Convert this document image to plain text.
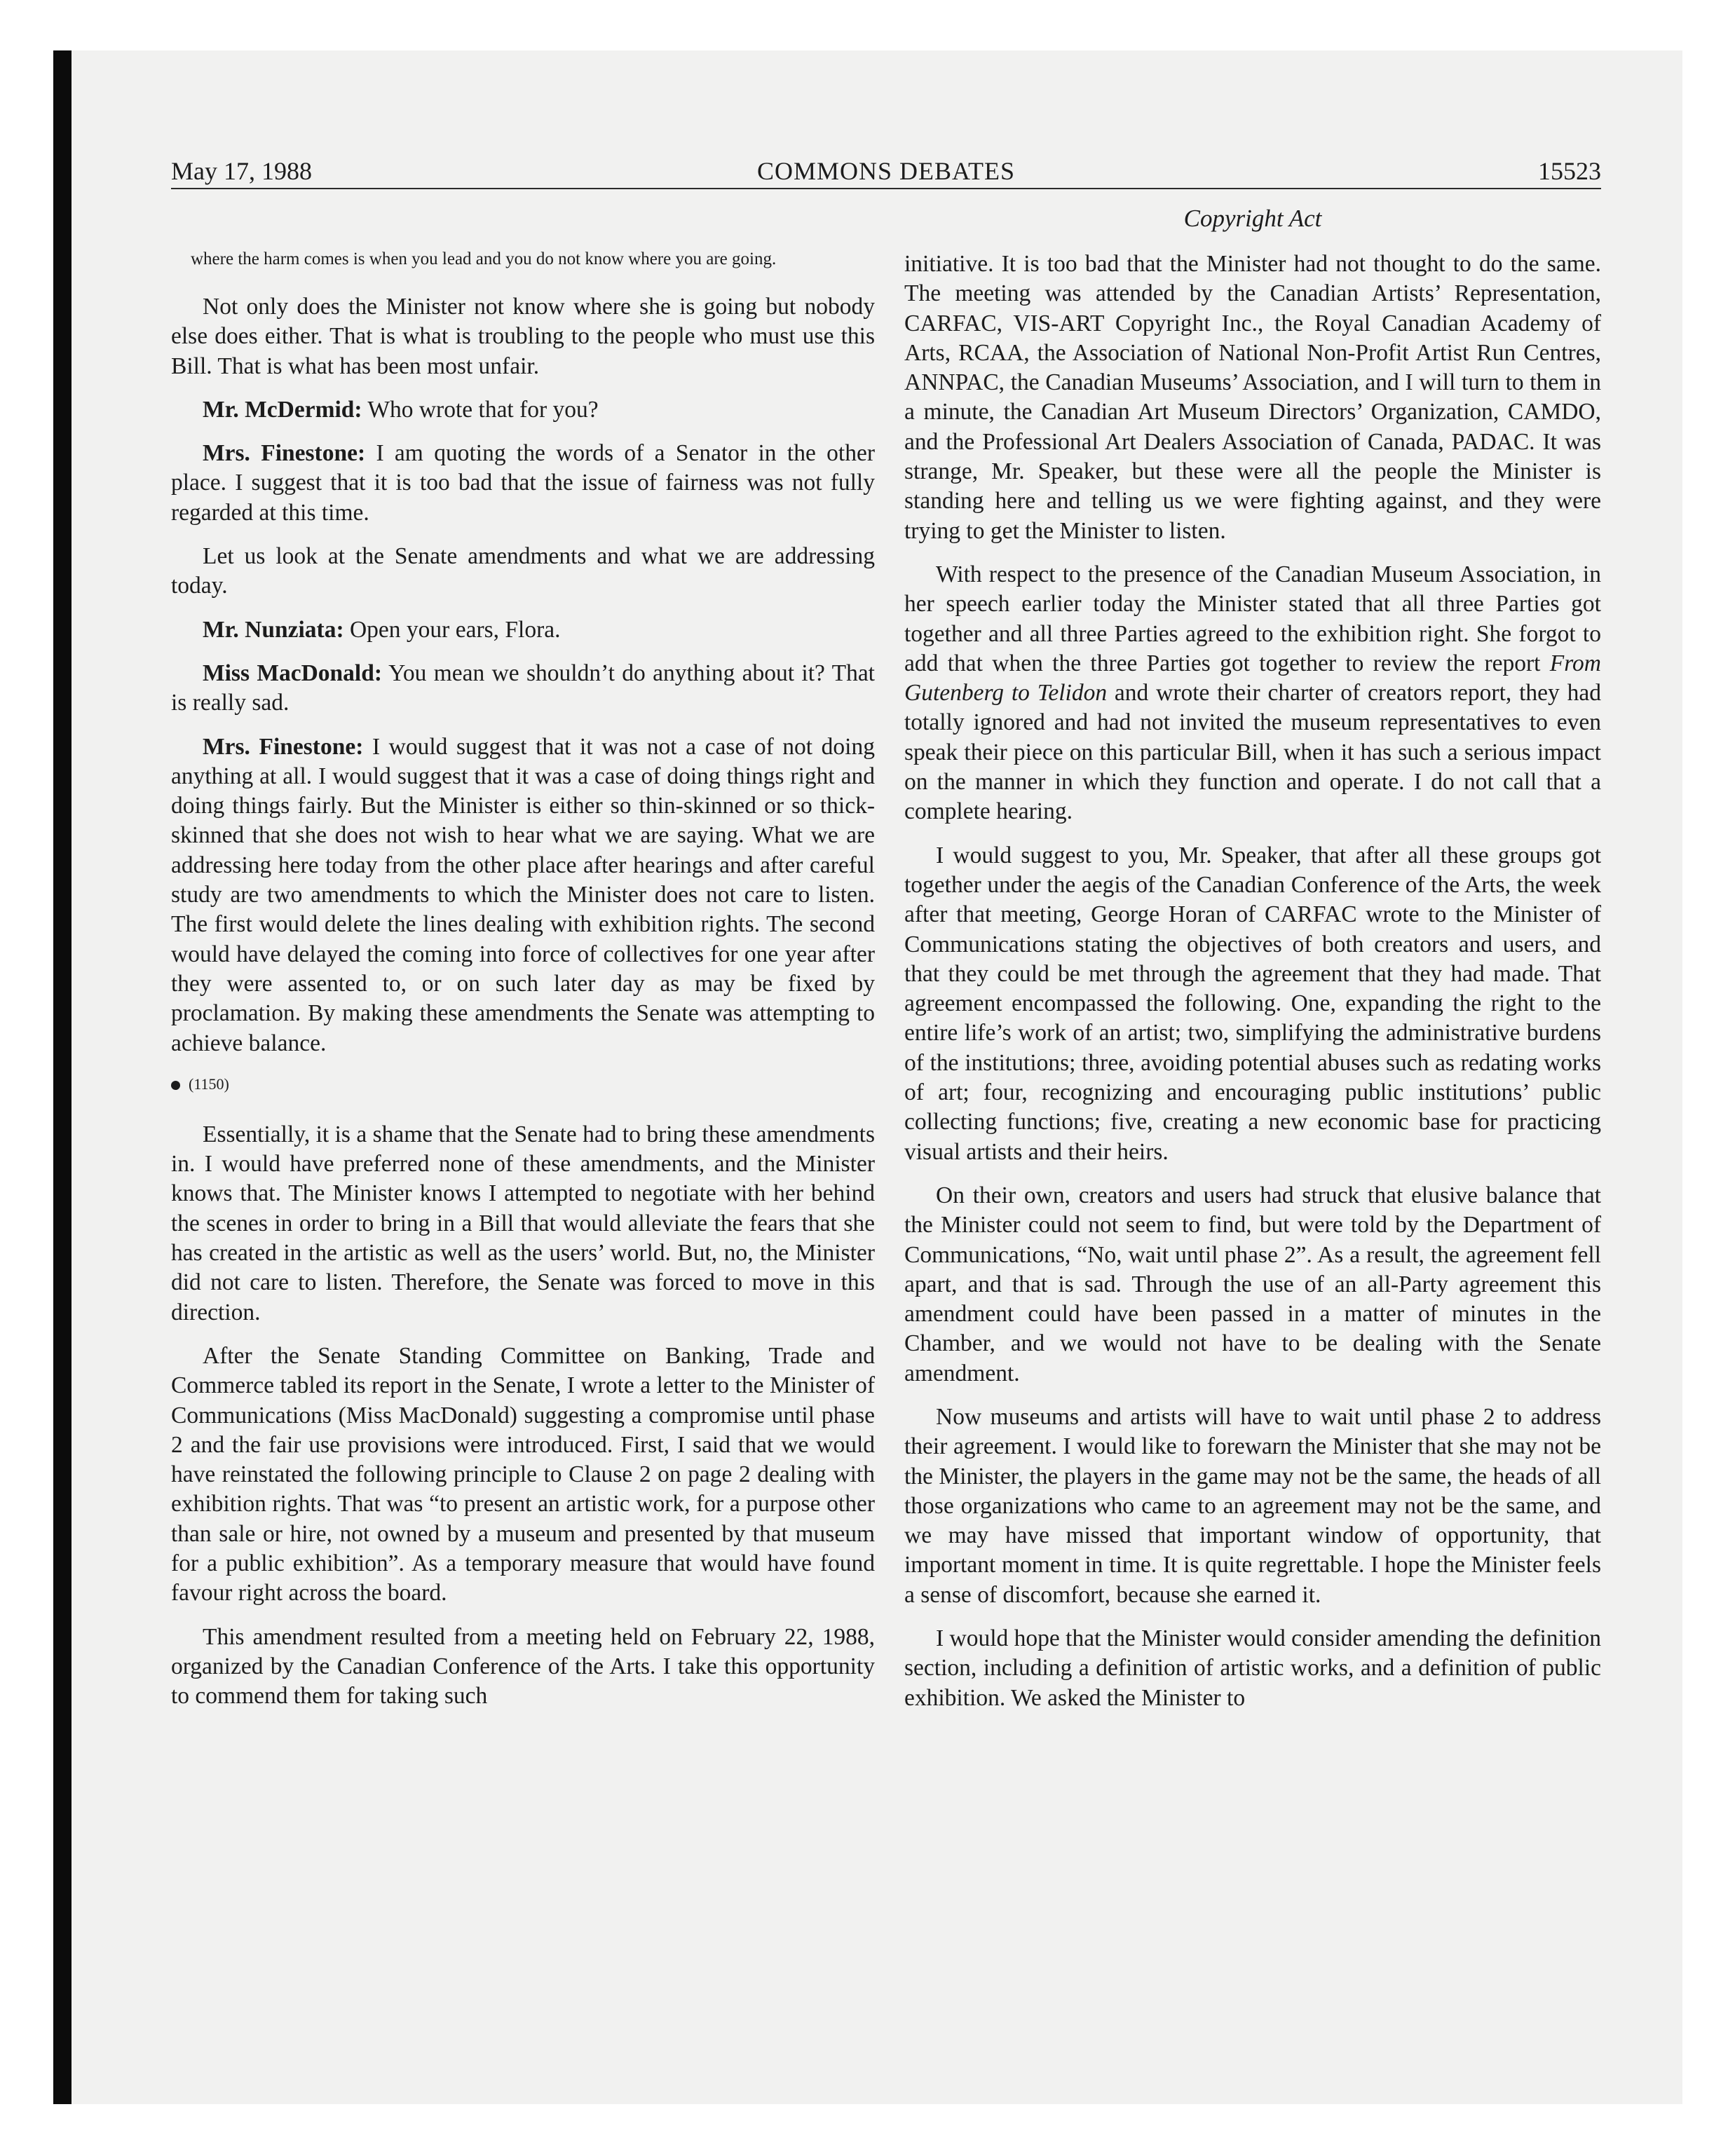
May 17, 1988	COMMONS DEBATES	15523
Copyright Act

where the harm comes is when you lead and you do not know where you are going.

Not only does the Minister not know where she is going but nobody else does either. That is what is troubling to the people who must use this Bill. That is what has been most unfair.

Mr. McDermid: Who wrote that for you?

Mrs. Finestone: I am quoting the words of a Senator in the other place. I suggest that it is too bad that the issue of fairness was not fully regarded at this time.

Let us look at the Senate amendments and what we are addressing today.

Mr. Nunziata: Open your ears, Flora.

Miss MacDonald: You mean we shouldn’t do anything about it? That is really sad.

Mrs. Finestone: I would suggest that it was not a case of not doing anything at all. I would suggest that it was a case of doing things right and doing things fairly. But the Minister is either so thin-skinned or so thick-skinned that she does not wish to hear what we are saying. What we are addressing here today from the other place after hearings and after careful study are two amendments to which the Minister does not care to listen. The first would delete the lines dealing with exhibition rights. The second would have delayed the coming into force of collectives for one year after they were assented to, or on such later day as may be fixed by proclamation. By making these amendments the Senate was attempting to achieve balance.

(1150)

Essentially, it is a shame that the Senate had to bring these amendments in. I would have preferred none of these amendments, and the Minister knows that. The Minister knows I attempted to negotiate with her behind the scenes in order to bring in a Bill that would alleviate the fears that she has created in the artistic as well as the users’ world. But, no, the Minister did not care to listen. Therefore, the Senate was forced to move in this direction.

After the Senate Standing Committee on Banking, Trade and Commerce tabled its report in the Senate, I wrote a letter to the Minister of Communications (Miss MacDonald) suggesting a compromise until phase 2 and the fair use provisions were introduced. First, I said that we would have reinstated the following principle to Clause 2 on page 2 dealing with exhibition rights. That was “to present an artistic work, for a purpose other than sale or hire, not owned by a museum and presented by that museum for a public exhibition”. As a temporary measure that would have found favour right across the board.

This amendment resulted from a meeting held on February 22, 1988, organized by the Canadian Conference of the Arts. I take this opportunity to commend them for taking such

initiative. It is too bad that the Minister had not thought to do the same. The meeting was attended by the Canadian Artists’ Representation, CARFAC, VIS-ART Copyright Inc., the Royal Canadian Academy of Arts, RCAA, the Association of National Non-Profit Artist Run Centres, ANNPAC, the Canadian Museums’ Association, and I will turn to them in a minute, the Canadian Art Museum Directors’ Organization, CAMDO, and the Professional Art Dealers Association of Canada, PADAC. It was strange, Mr. Speaker, but these were all the people the Minister is standing here and telling us we were fighting against, and they were trying to get the Minister to listen.

With respect to the presence of the Canadian Museum Association, in her speech earlier today the Minister stated that all three Parties got together and all three Parties agreed to the exhibition right. She forgot to add that when the three Parties got together to review the report From Gutenberg to Telidon and wrote their charter of creators report, they had totally ignored and had not invited the museum representatives to even speak their piece on this particular Bill, when it has such a serious impact on the manner in which they function and operate. I do not call that a complete hearing.

I would suggest to you, Mr. Speaker, that after all these groups got together under the aegis of the Canadian Conference of the Arts, the week after that meeting, George Horan of CARFAC wrote to the Minister of Communications stating the objectives of both creators and users, and that they could be met through the agreement that they had made. That agreement encompassed the following. One, expanding the right to the entire life’s work of an artist; two, simplifying the administrative burdens of the institutions; three, avoiding potential abuses such as redating works of art; four, recognizing and encouraging public institutions’ public collecting functions; five, creating a new economic base for practicing visual artists and their heirs.

On their own, creators and users had struck that elusive balance that the Minister could not seem to find, but were told by the Department of Communications, “No, wait until phase 2”. As a result, the agreement fell apart, and that is sad. Through the use of an all-Party agreement this amendment could have been passed in a matter of minutes in the Chamber, and we would not have to be dealing with the Senate amendment.

Now museums and artists will have to wait until phase 2 to address their agreement. I would like to forewarn the Minister that she may not be the Minister, the players in the game may not be the same, the heads of all those organizations who came to an agreement may not be the same, and we may have missed that important window of opportunity, that important moment in time. It is quite regrettable. I hope the Minister feels a sense of discomfort, because she earned it.

I would hope that the Minister would consider amending the definition section, including a definition of artistic works, and a definition of public exhibition. We asked the Minister to
